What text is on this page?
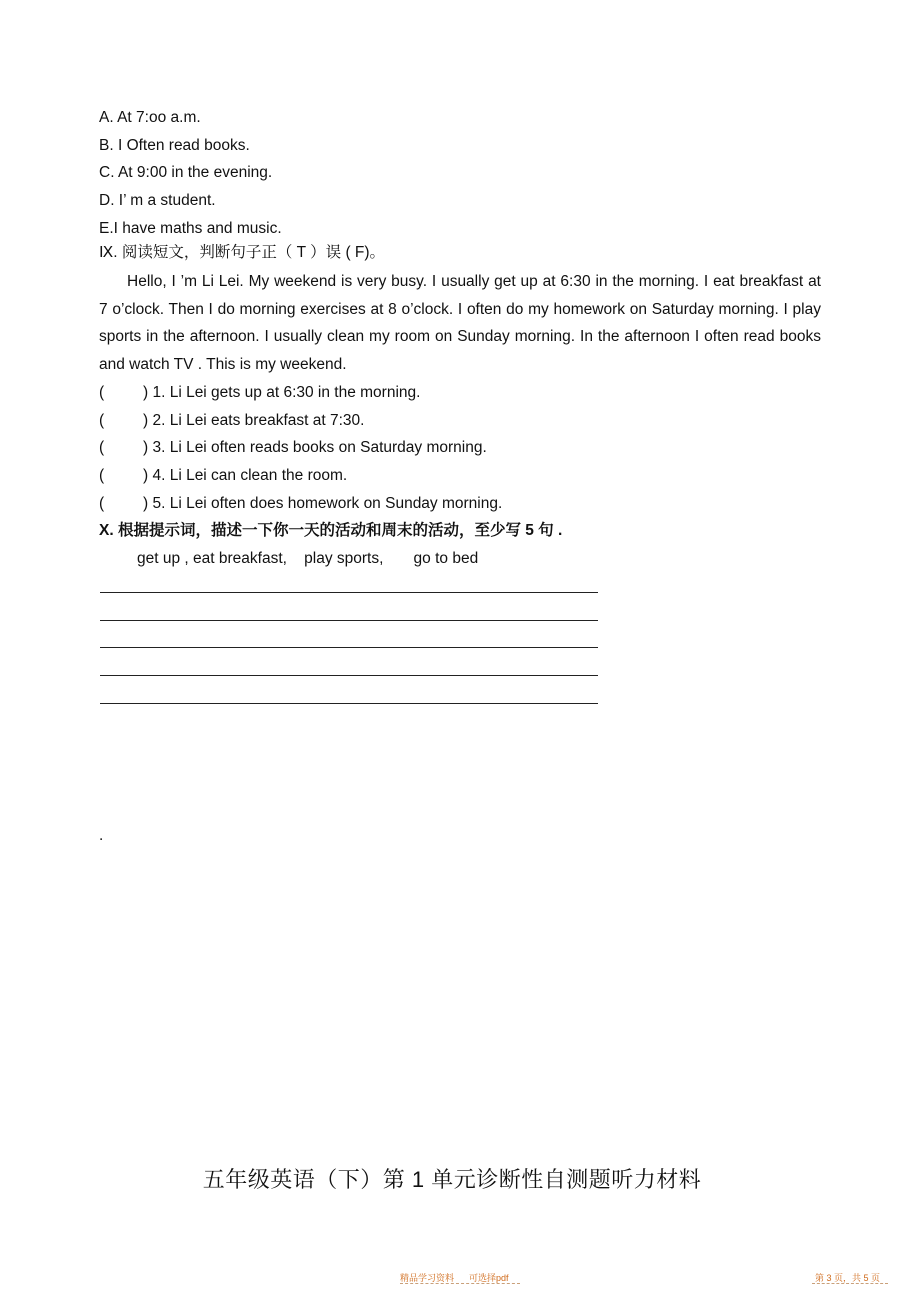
A. At 7:oo a.m.
B. I Often read books.
C. At 9:00 in the evening.
D. I’ m a student.
E.I have maths and music.
Ⅸ. 阅读短文，判断句子正（ T ）误 ( F)。
Hello, I ’m Li Lei. My weekend is very busy. I usually get up at 6:30 in the morning. I eat breakfast at 7 o’clock. Then I do morning exercises at 8 o’clock. I often do my homework on Saturday morning. I play sports in the afternoon. I usually clean my room on Sunday morning. In the afternoon I often read books and watch TV . This is my weekend.
(	) 1. Li Lei gets up at 6:30 in the morning.
(	) 2. Li Lei eats breakfast at 7:30.
(	) 3. Li Lei often reads books on Saturday morning.
(	) 4. Li Lei can clean the room.
(	) 5. Li Lei often does homework on Sunday morning.
X. 根据提示词，描述一下你一天的活动和周末的活动，至少写 5 句 .
get up , eat breakfast,    play sports,       go to bed
.
五年级英语（下）第 1 单元诊断性自测题听力材料
精品学习资料      可选择pdf	第 3 页，共 5 页
